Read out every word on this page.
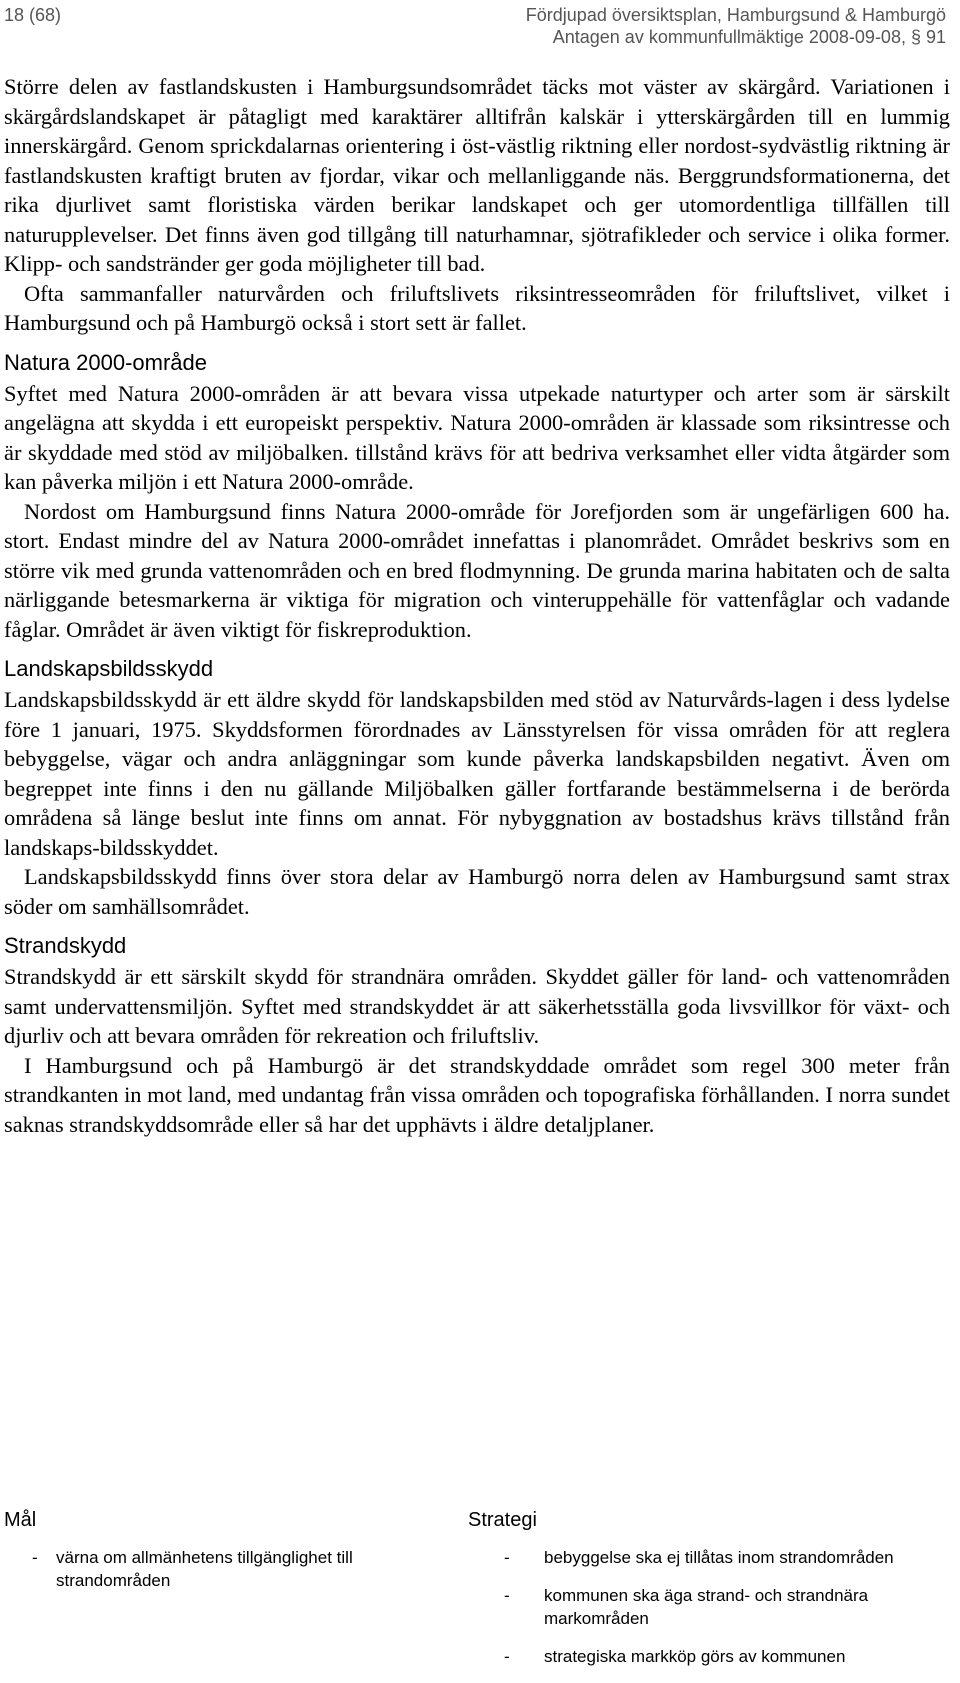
18 (68)	Fördjupad översiktsplan, Hamburgsund & Hamburgö
Antagen av kommunfullmäktige 2008-09-08, § 91

Större delen av fastlandskusten i Hamburgsundsområdet täcks mot väster av skärgård. Variationen i skärgårdslandskapet är påtagligt med karaktärer alltifrån kalskär i ytterskärgården till en lummig innerskärgård. Genom sprickdalarnas orientering i öst-västlig riktning eller nordost-sydvästlig riktning är fastlandskusten kraftigt bruten av fjordar, vikar och mellanliggande näs. Berggrundsformationerna, det rika djurlivet samt floristiska värden berikar landskapet och ger utomordentliga tillfällen till naturupplevelser. Det finns även god tillgång till naturhamnar, sjötrafikleder och service i olika former. Klipp- och sandstränder ger goda möjligheter till bad.

Ofta sammanfaller naturvården och friluftslivets riksintresseområden för friluftslivet, vilket i Hamburgsund och på Hamburgö också i stort sett är fallet.

Natura 2000-område

Syftet med Natura 2000-områden är att bevara vissa utpekade naturtyper och arter som är särskilt angelägna att skydda i ett europeiskt perspektiv. Natura 2000-områden är klassade som riksintresse och är skyddade med stöd av miljöbalken. tillstånd krävs för att bedriva verksamhet eller vidta åtgärder som kan påverka miljön i ett Natura 2000-område.

Nordost om Hamburgsund finns Natura 2000-område för Jorefjorden som är ungefärligen 600 ha. stort. Endast mindre del av Natura 2000-området innefattas i planområdet. Området beskrivs som en större vik med grunda vattenområden och en bred flodmynning. De grunda marina habitaten och de salta närliggande betesmarkerna är viktiga för migration och vinteruppehälle för vattenfåglar och vadande fåglar. Området är även viktigt för fiskreproduktion.

Landskapsbildsskydd

Landskapsbildsskydd är ett äldre skydd för landskapsbilden med stöd av Naturvårds-lagen i dess lydelse före 1 januari, 1975. Skyddsformen förordnades av Länsstyrelsen för vissa områden för att reglera bebyggelse, vägar och andra anläggningar som kunde påverka landskapsbilden negativt. Även om begreppet inte finns i den nu gällande Miljöbalken gäller fortfarande bestämmelserna i de berörda områdena så länge beslut inte finns om annat. För nybyggnation av bostadshus krävs tillstånd från landskaps-bildsskyddet.

Landskapsbildsskydd finns över stora delar av Hamburgö norra delen av Hamburgsund samt strax söder om samhällsområdet.

Strandskydd

Strandskydd är ett särskilt skydd för strandnära områden. Skyddet gäller för land- och vattenområden samt undervattensmiljön. Syftet med strandskyddet är att säkerhetsställa goda livsvillkor för växt- och djurliv och att bevara områden för rekreation och friluftsliv.

I Hamburgsund och på Hamburgö är det strandskyddade området som regel 300 meter från strandkanten in mot land, med undantag från vissa områden och topografiska förhållanden. I norra sundet saknas strandskyddsområde eller så har det upphävts i äldre detaljplaner.

Mål
- värna om allmänhetens tillgänglighet till strandområden
Strategi
- bebyggelse ska ej tillåtas inom strandområden
- kommunen ska äga strand- och strandnära markområden
- strategiska markköp görs av kommunen
